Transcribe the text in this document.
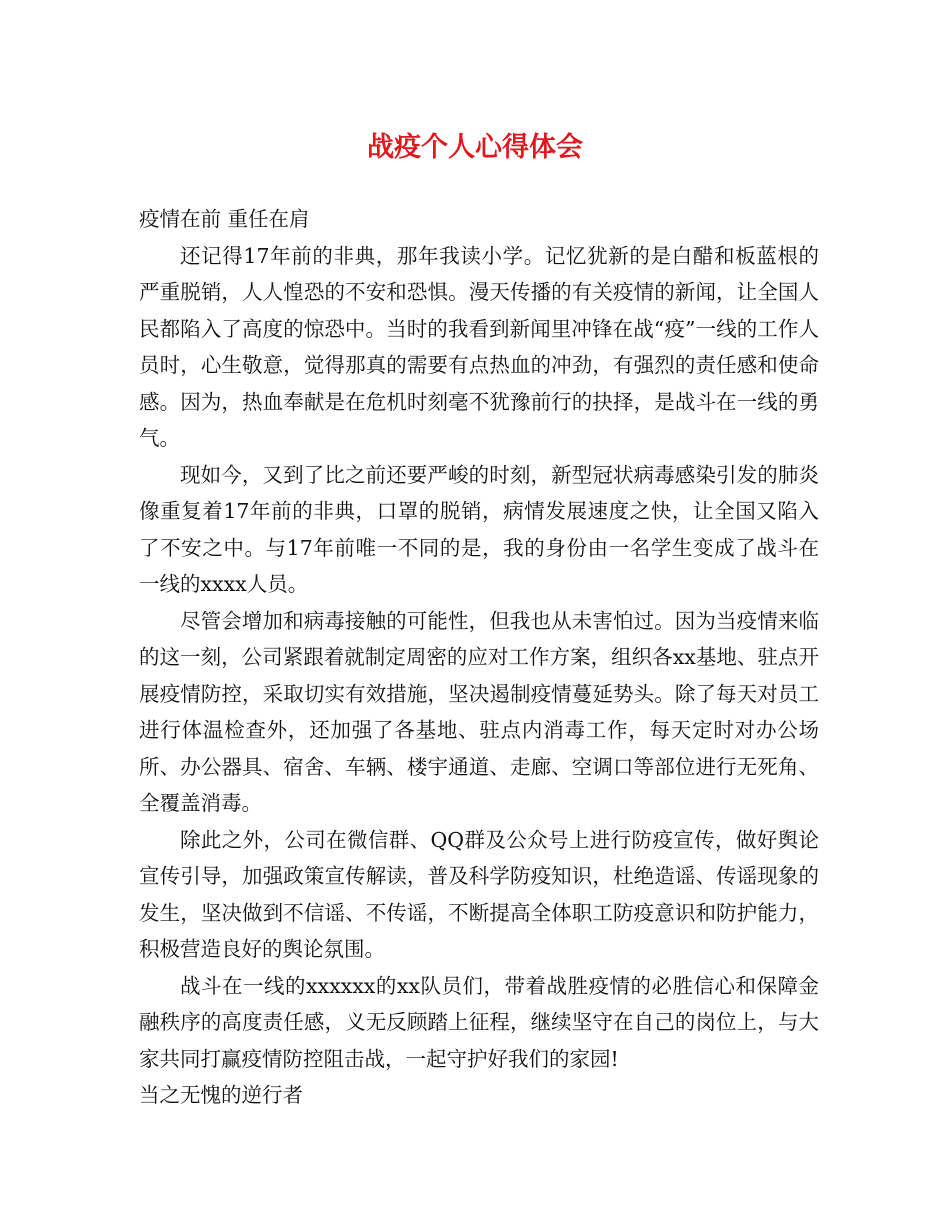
战疫个人心得体会

疫情在前 重任在肩

还记得17年前的非典，那年我读小学。记忆犹新的是白醋和板蓝根的严重脱销，人人惶恐的不安和恐惧。漫天传播的有关疫情的新闻，让全国人民都陷入了高度的惊恐中。当时的我看到新闻里冲锋在战“疫”一线的工作人员时，心生敬意，觉得那真的需要有点热血的冲劲，有强烈的责任感和使命感。因为，热血奉献是在危机时刻毫不犹豫前行的抉择，是战斗在一线的勇气。

现如今，又到了比之前还要严峻的时刻，新型冠状病毒感染引发的肺炎像重复着17年前的非典，口罩的脱销，病情发展速度之快，让全国又陷入了不安之中。与17年前唯一不同的是，我的身份由一名学生变成了战斗在一线的xxxx人员。

尽管会增加和病毒接触的可能性，但我也从未害怕过。因为当疫情来临的这一刻，公司紧跟着就制定周密的应对工作方案，组织各xx基地、驻点开展疫情防控，采取切实有效措施，坚决遏制疫情蔓延势头。除了每天对员工进行体温检查外，还加强了各基地、驻点内消毒工作，每天定时对办公场所、办公器具、宿舍、车辆、楼宇通道、走廊、空调口等部位进行无死角、全覆盖消毒。

除此之外，公司在微信群、QQ群及公众号上进行防疫宣传，做好舆论宣传引导，加强政策宣传解读，普及科学防疫知识，杜绝造谣、传谣现象的发生，坚决做到不信谣、不传谣，不断提高全体职工防疫意识和防护能力，积极营造良好的舆论氛围。

战斗在一线的xxxxxx的xx队员们，带着战胜疫情的必胜信心和保障金融秩序的高度责任感，义无反顾踏上征程，继续坚守在自己的岗位上，与大家共同打赢疫情防控阻击战，一起守护好我们的家园!

当之无愧的逆行者
